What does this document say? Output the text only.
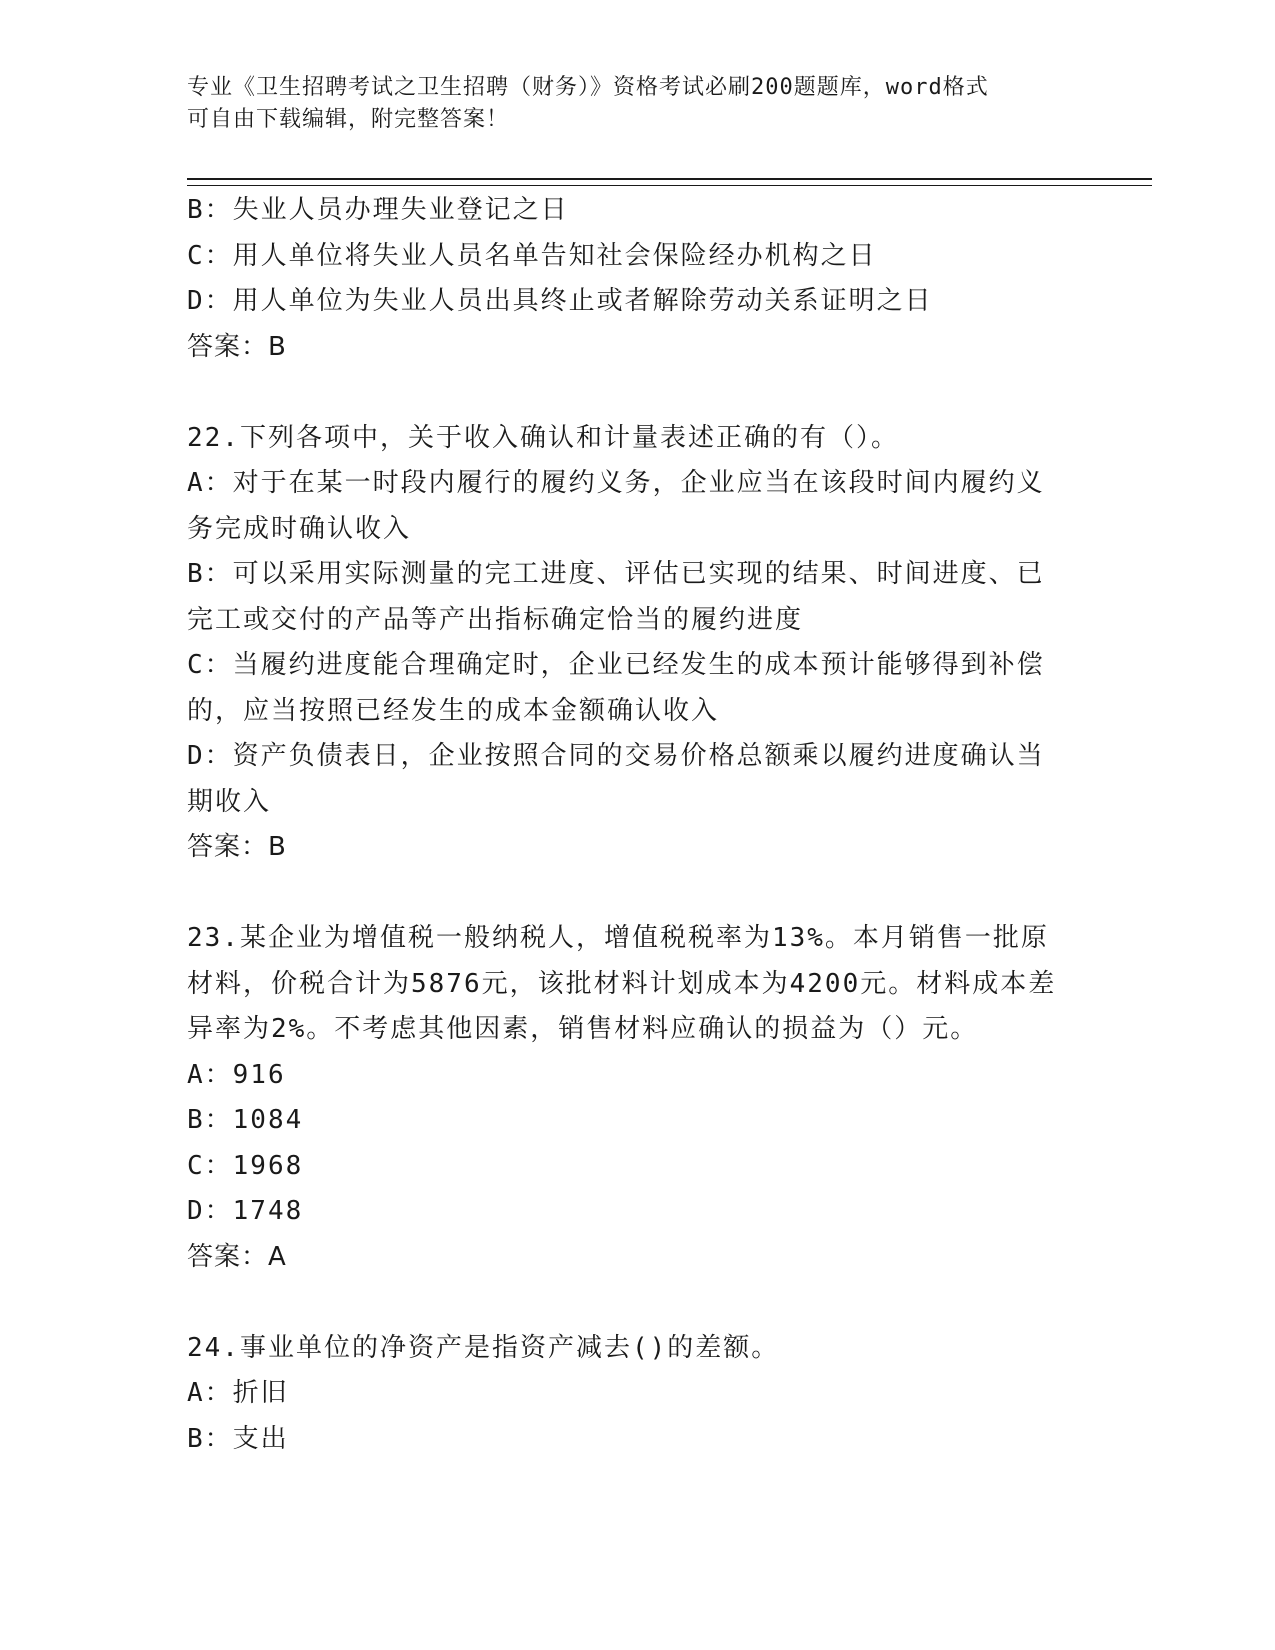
专业《卫生招聘考试之卫生招聘（财务）》资格考试必刷200题题库，word格式
可自由下载编辑，附完整答案！

B：失业人员办理失业登记之日

C：用人单位将失业人员名单告知社会保险经办机构之日

D：用人单位为失业人员出具终止或者解除劳动关系证明之日

答案：B

22.下列各项中，关于收入确认和计量表述正确的有（）。

A：对于在某一时段内履行的履约义务，企业应当在该段时间内履约义务完成时确认收入

B：可以采用实际测量的完工进度、评估已实现的结果、时间进度、已完工或交付的产品等产出指标确定恰当的履约进度

C：当履约进度能合理确定时，企业已经发生的成本预计能够得到补偿的，应当按照已经发生的成本金额确认收入

D：资产负债表日，企业按照合同的交易价格总额乘以履约进度确认当期收入

答案：B

23.某企业为增值税一般纳税人，增值税税率为13%。本月销售一批原材料，价税合计为5876元，该批材料计划成本为4200元。材料成本差异率为2%。不考虑其他因素，销售材料应确认的损益为（）元。

A：916

B：1084

C：1968

D：1748

答案：A

24.事业单位的净资产是指资产减去()的差额。

A：折旧

B：支出
